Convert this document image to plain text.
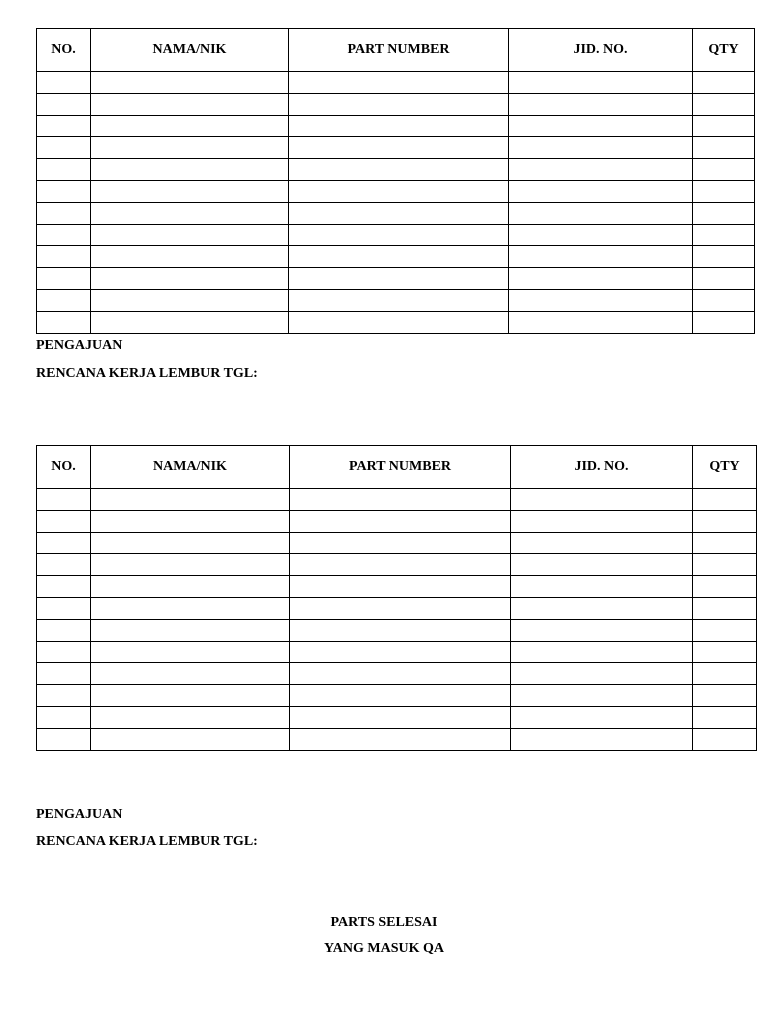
NO.	NAMA/NIK	PART NUMBER	JID. NO.	QTY

PENGAJUAN
RENCANA KERJA LEMBUR TGL:
NO.	NAMA/NIK	PART NUMBER	JID. NO.	QTY

PENGAJUAN
RENCANA KERJA LEMBUR TGL:
PARTS SELESAI
YANG MASUK QA
